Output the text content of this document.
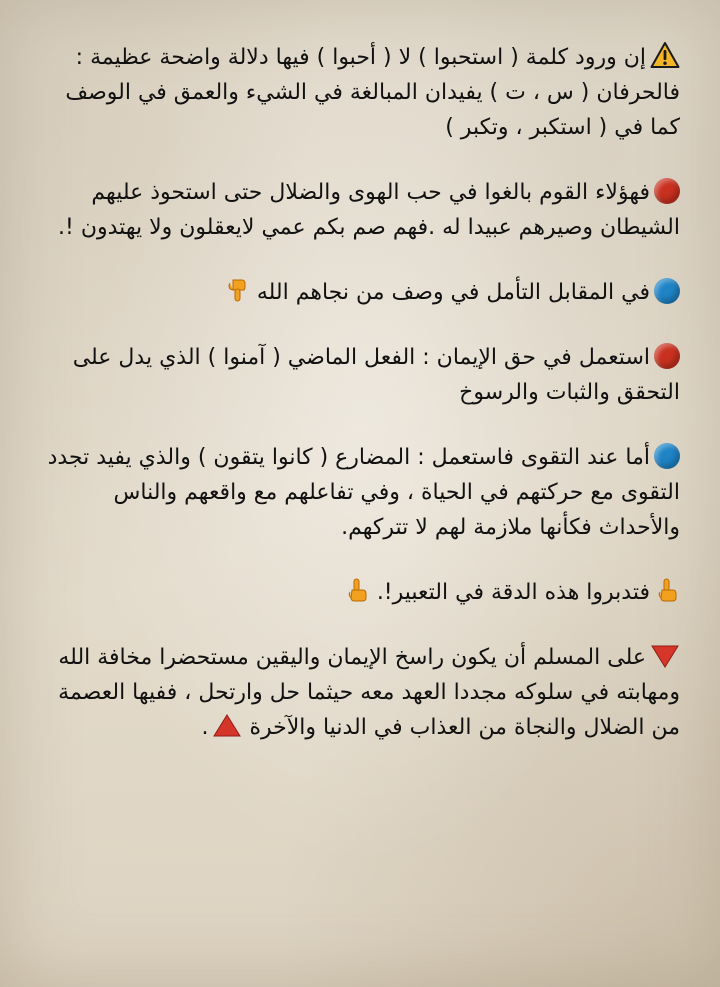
إن ورود كلمة ( استحبوا ) لا ( أحبوا ) فيها دلالة واضحة عظيمة : فالحرفان ( س ، ت ) يفيدان المبالغة في الشيء والعمق في الوصف كما في ( استكبر ، وتكبر )

فهؤلاء القوم بالغوا في حب الهوى والضلال حتى استحوذ عليهم الشيطان وصيرهم عبيدا له .فهم صم بكم عمي لايعقلون ولا يهتدون !.

في المقابل التأمل في وصف من نجاهم الله

استعمل في حق الإيمان : الفعل الماضي ( آمنوا ) الذي يدل على التحقق والثبات والرسوخ

أما عند التقوى فاستعمل : المضارع ( كانوا يتقون ) والذي يفيد تجدد التقوى مع حركتهم في الحياة ، وفي تفاعلهم مع واقعهم والناس والأحداث فكأنها ملازمة لهم لا تتركهم.

فتدبروا هذه الدقة في التعبير!.

على المسلم أن يكون راسخ الإيمان واليقين مستحضرا مخافة الله ومهابته في سلوكه مجددا العهد معه حيثما حل وارتحل ، ففيها العصمة من الضلال والنجاة من العذاب في الدنيا والآخرة
.
